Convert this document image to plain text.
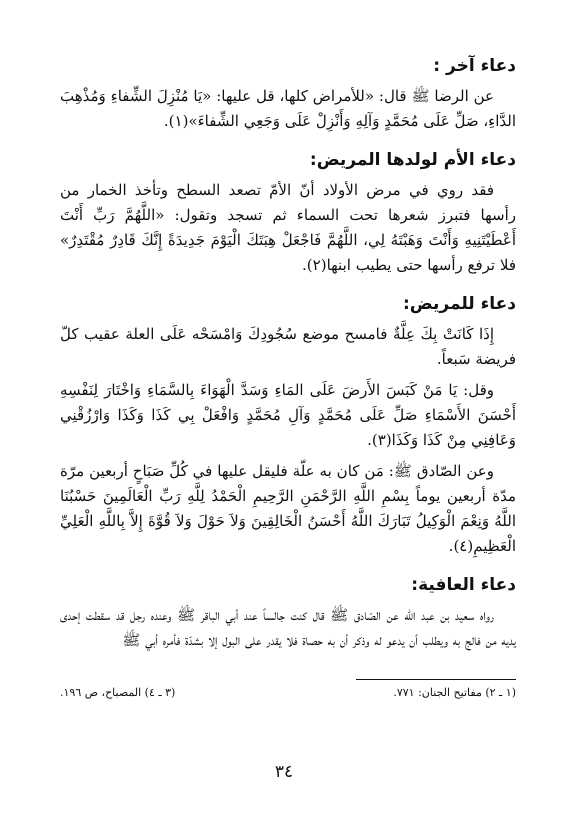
دعاء آخر :

عن الرضا ﷺ قال: «للأمراض كلها، قل عليها: «يَا مُنْزِلَ الشِّفاءِ وَمُذْهِبَ الدَّاءِ، صَلِّ عَلَى مُحَمَّدٍ وَآلِهِ وَأَنْزِلْ عَلَى وَجَعِي الشِّفاءَ»(١).

دعاء الأم لولدها المريض:

فقد روي في مرض الأولاد أنّ الأمّ تصعد السطح وتأخذ الخمار من رأسها فتبرز شعرها تحت السماء ثم تسجد وتقول: «اللَّهُمَّ رَبِّ أَنْتَ أَعْطَيْتَنِيهِ وَأَنْتَ وَهَبْتَهُ لِي، اللَّهُمَّ فَاجْعَلْ هِبَتَكَ الْيَوْمَ جَدِيدَةً إِنَّكَ قَادِرٌ مُقْتَدِرٌ» فلا ترفع رأسها حتى يطيب ابنها(٢).

دعاء للمريض:

إِذَا كَانَتْ بِكَ عِلَّةٌ فامسح موضع سُجُودِكَ وَامْسَحْه عَلَى العلة عقيب كلّ فريضة سَبعاً.

وقل: يَا مَنْ كَبَسَ الأَرضَ عَلَى المَاءِ وَسَدَّ الْهَوَاءَ بِالسَّمَاءِ وَاخْتَارَ لِنَفْسِهِ أَحْسَنَ الأَسْمَاءِ صَلِّ عَلَى مُحَمَّدٍ وَآلِ مُحَمَّدٍ وَافْعَلْ بِي كَذَا وَكَذَا وَارْزُقْنِي وَعَافِنِي مِنْ كَذَا وَكَذَا(٣).

وعن الصّادق ﷺ: مَن كان به علّة فليقل عليها في كُلِّ صَبَاحٍ أربعين مرّة مدّة أربعين يوماً بِسْمِ اللَّهِ الرَّحْمَنِ الرَّحِيمِ الْحَمْدُ لِلَّهِ رَبِّ الْعَالَمِينَ حَسْبُنَا اللَّهُ وَنِعْمَ الْوَكِيلُ تَبَارَكَ اللَّهُ أَحْسَنُ الْخَالِقِينَ وَلاَ حَوْلَ وَلاَ قُوَّةَ إِلاَّ بِاللَّهِ الْعَلِيِّ الْعَظِيمِ(٤).

دعاء العافية:

رواه سعيد بن عبد الله عن الصّادق ﷺ قال كنت جالساً عند أبي الباقر ﷺ وعنده رجل قد سقطت إحدى يديه من فالج به ويطلب أن يدعو له وذكر أن به حصاة فلا يقدر على البول إلا بشدّة فأمره أبي ﷺ

(١ ـ ٢) مفاتيح الجنان: ٧٧١.
(٣ ـ ٤) المصباح، ص ١٩٦.
٣٤
